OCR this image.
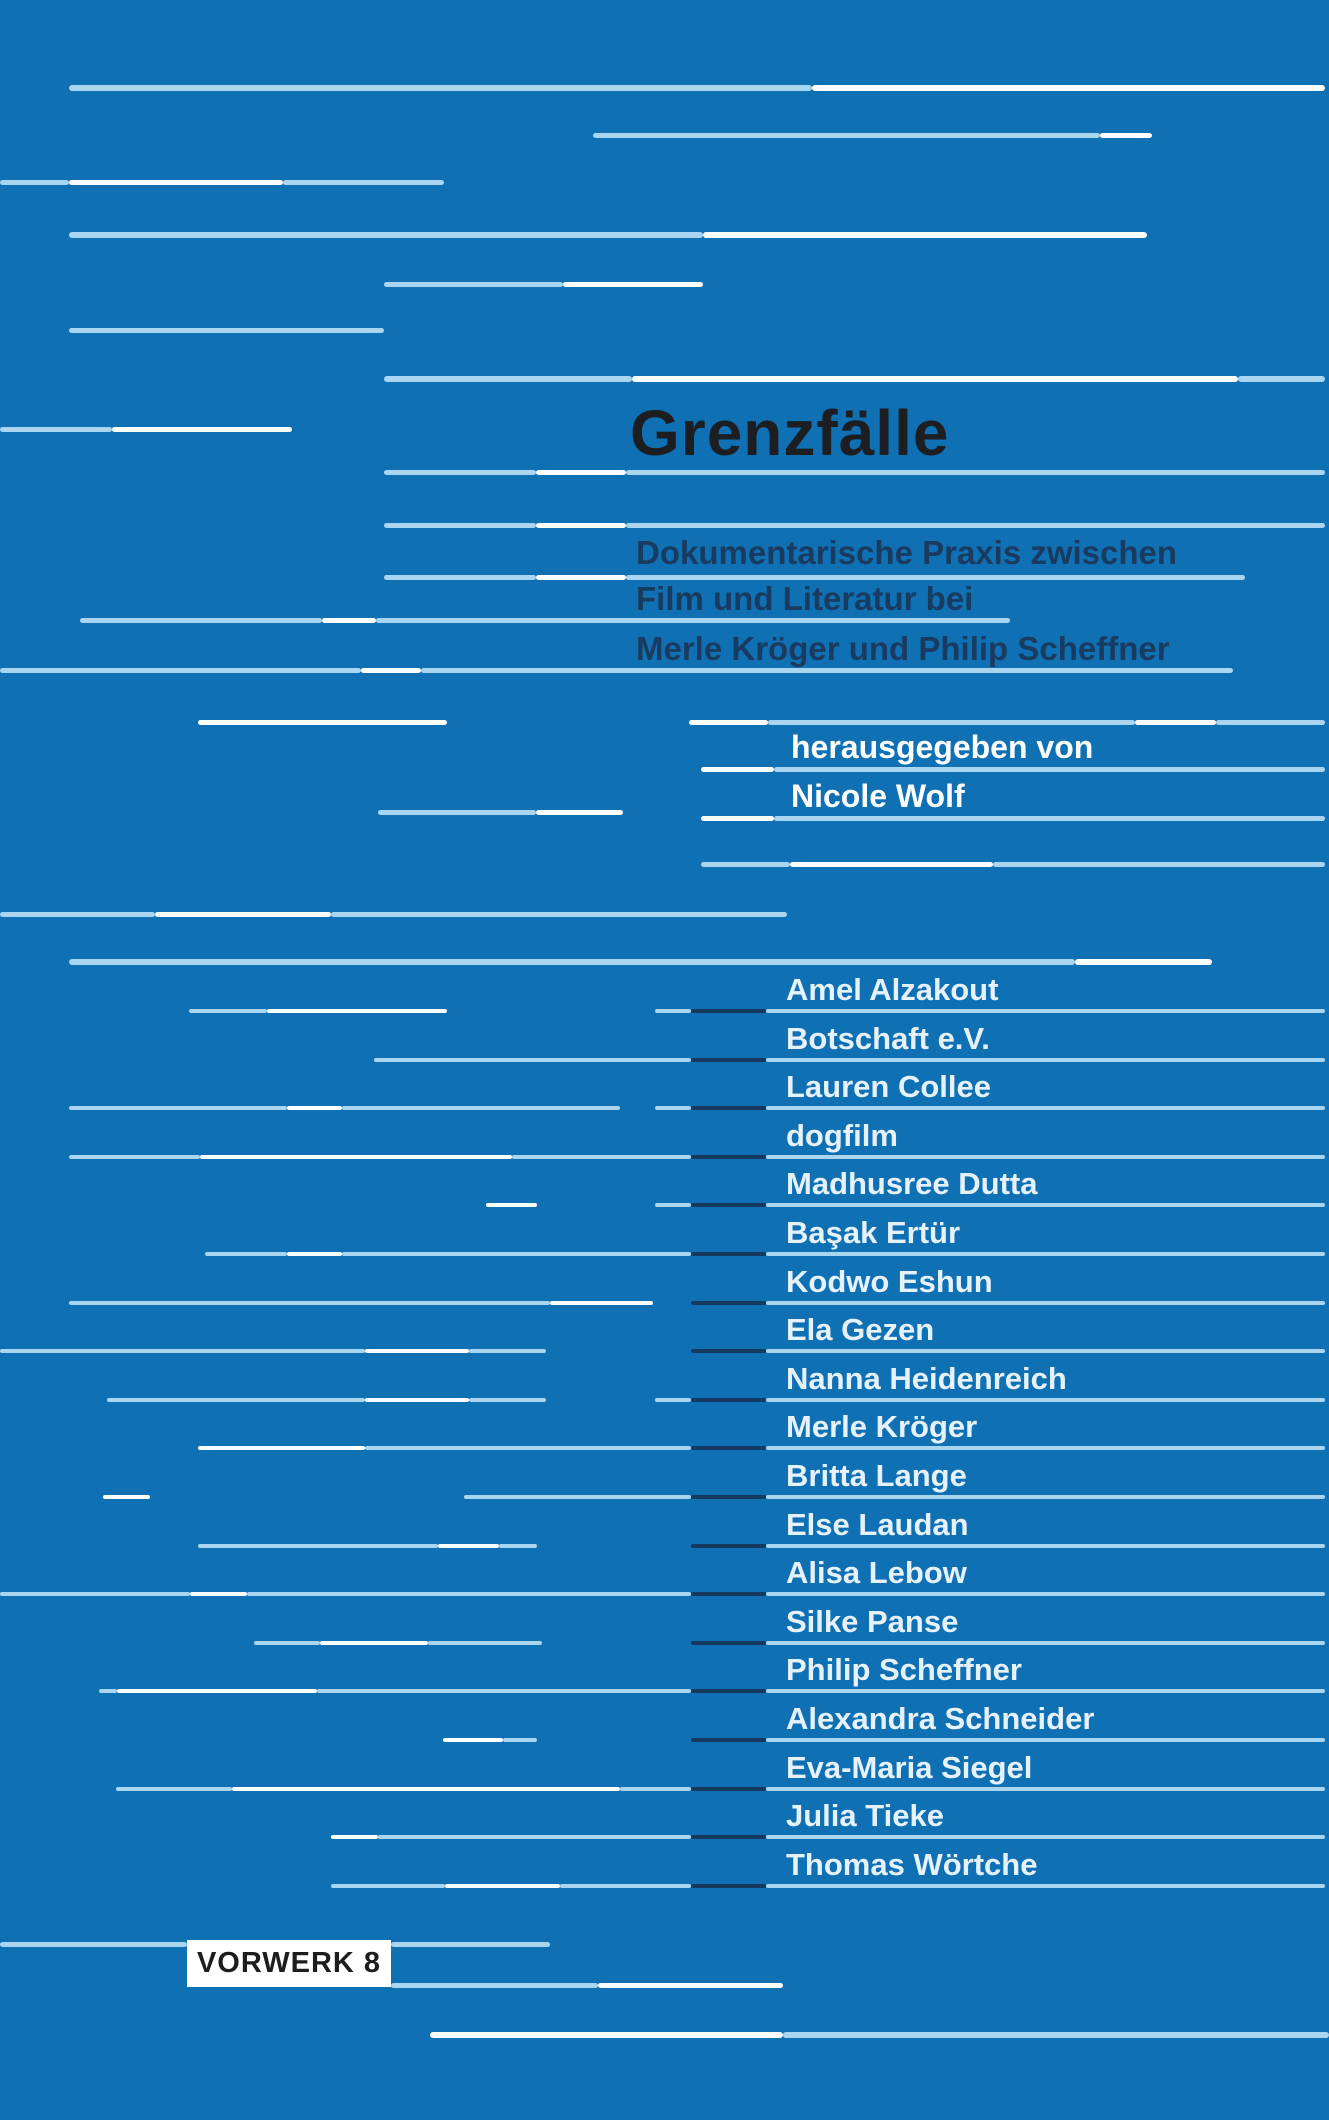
Grenzfälle
Dokumentarische Praxis zwischen
Film und Literatur bei
Merle Kröger und Philip Scheffner
herausgegeben von
Nicole Wolf
Amel Alzakout
Botschaft e.V.
Lauren Collee
dogfilm
Madhusree Dutta
Başak Ertür
Kodwo Eshun
Ela Gezen
Nanna Heidenreich
Merle Kröger
Britta Lange
Else Laudan
Alisa Lebow
Silke Panse
Philip Scheffner
Alexandra Schneider
Eva-Maria Siegel
Julia Tieke
Thomas Wörtche
VORWERK 8
